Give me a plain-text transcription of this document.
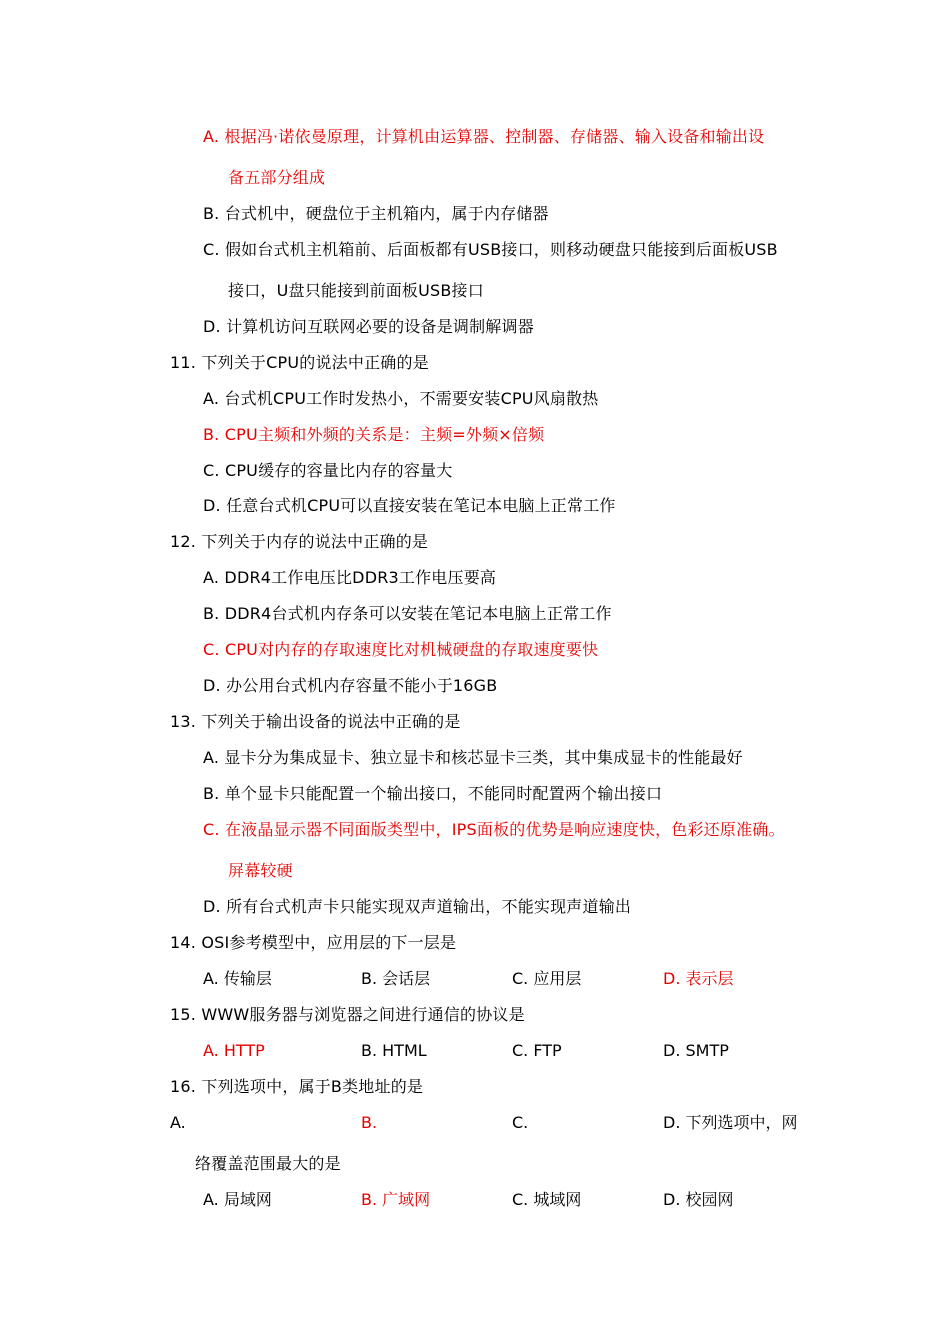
A. 根据冯·诺依曼原理，计算机由运算器、控制器、存储器、输入设备和输出设
备五部分组成
B. 台式机中，硬盘位于主机箱内，属于内存储器
C. 假如台式机主机箱前、后面板都有USB接口，则移动硬盘只能接到后面板USB
接口，U盘只能接到前面板USB接口
D. 计算机访问互联网必要的设备是调制解调器
11. 下列关于CPU的说法中正确的是
A. 台式机CPU工作时发热小，不需要安装CPU风扇散热
B. CPU主频和外频的关系是：主频=外频×倍频
C. CPU缓存的容量比内存的容量大
D. 任意台式机CPU可以直接安装在笔记本电脑上正常工作
12. 下列关于内存的说法中正确的是
A. DDR4工作电压比DDR3工作电压要高
B. DDR4台式机内存条可以安装在笔记本电脑上正常工作
C. CPU对内存的存取速度比对机械硬盘的存取速度要快
D. 办公用台式机内存容量不能小于16GB
13. 下列关于输出设备的说法中正确的是
A. 显卡分为集成显卡、独立显卡和核芯显卡三类，其中集成显卡的性能最好
B. 单个显卡只能配置一个输出接口，不能同时配置两个输出接口
C. 在液晶显示器不同面版类型中，IPS面板的优势是响应速度快，色彩还原准确。
屏幕较硬
D. 所有台式机声卡只能实现双声道输出，不能实现声道输出
14. OSI参考模型中，应用层的下一层是
A. 传输层	B. 会话层	C. 应用层	D. 表示层
15. WWW服务器与浏览器之间进行通信的协议是
A. HTTP	B. HTML	C. FTP	D. SMTP
16. 下列选项中，属于B类地址的是
A.	B.	C.	D. 下列选项中，网
络覆盖范围最大的是
A. 局域网	B. 广域网	C. 城域网	D. 校园网
